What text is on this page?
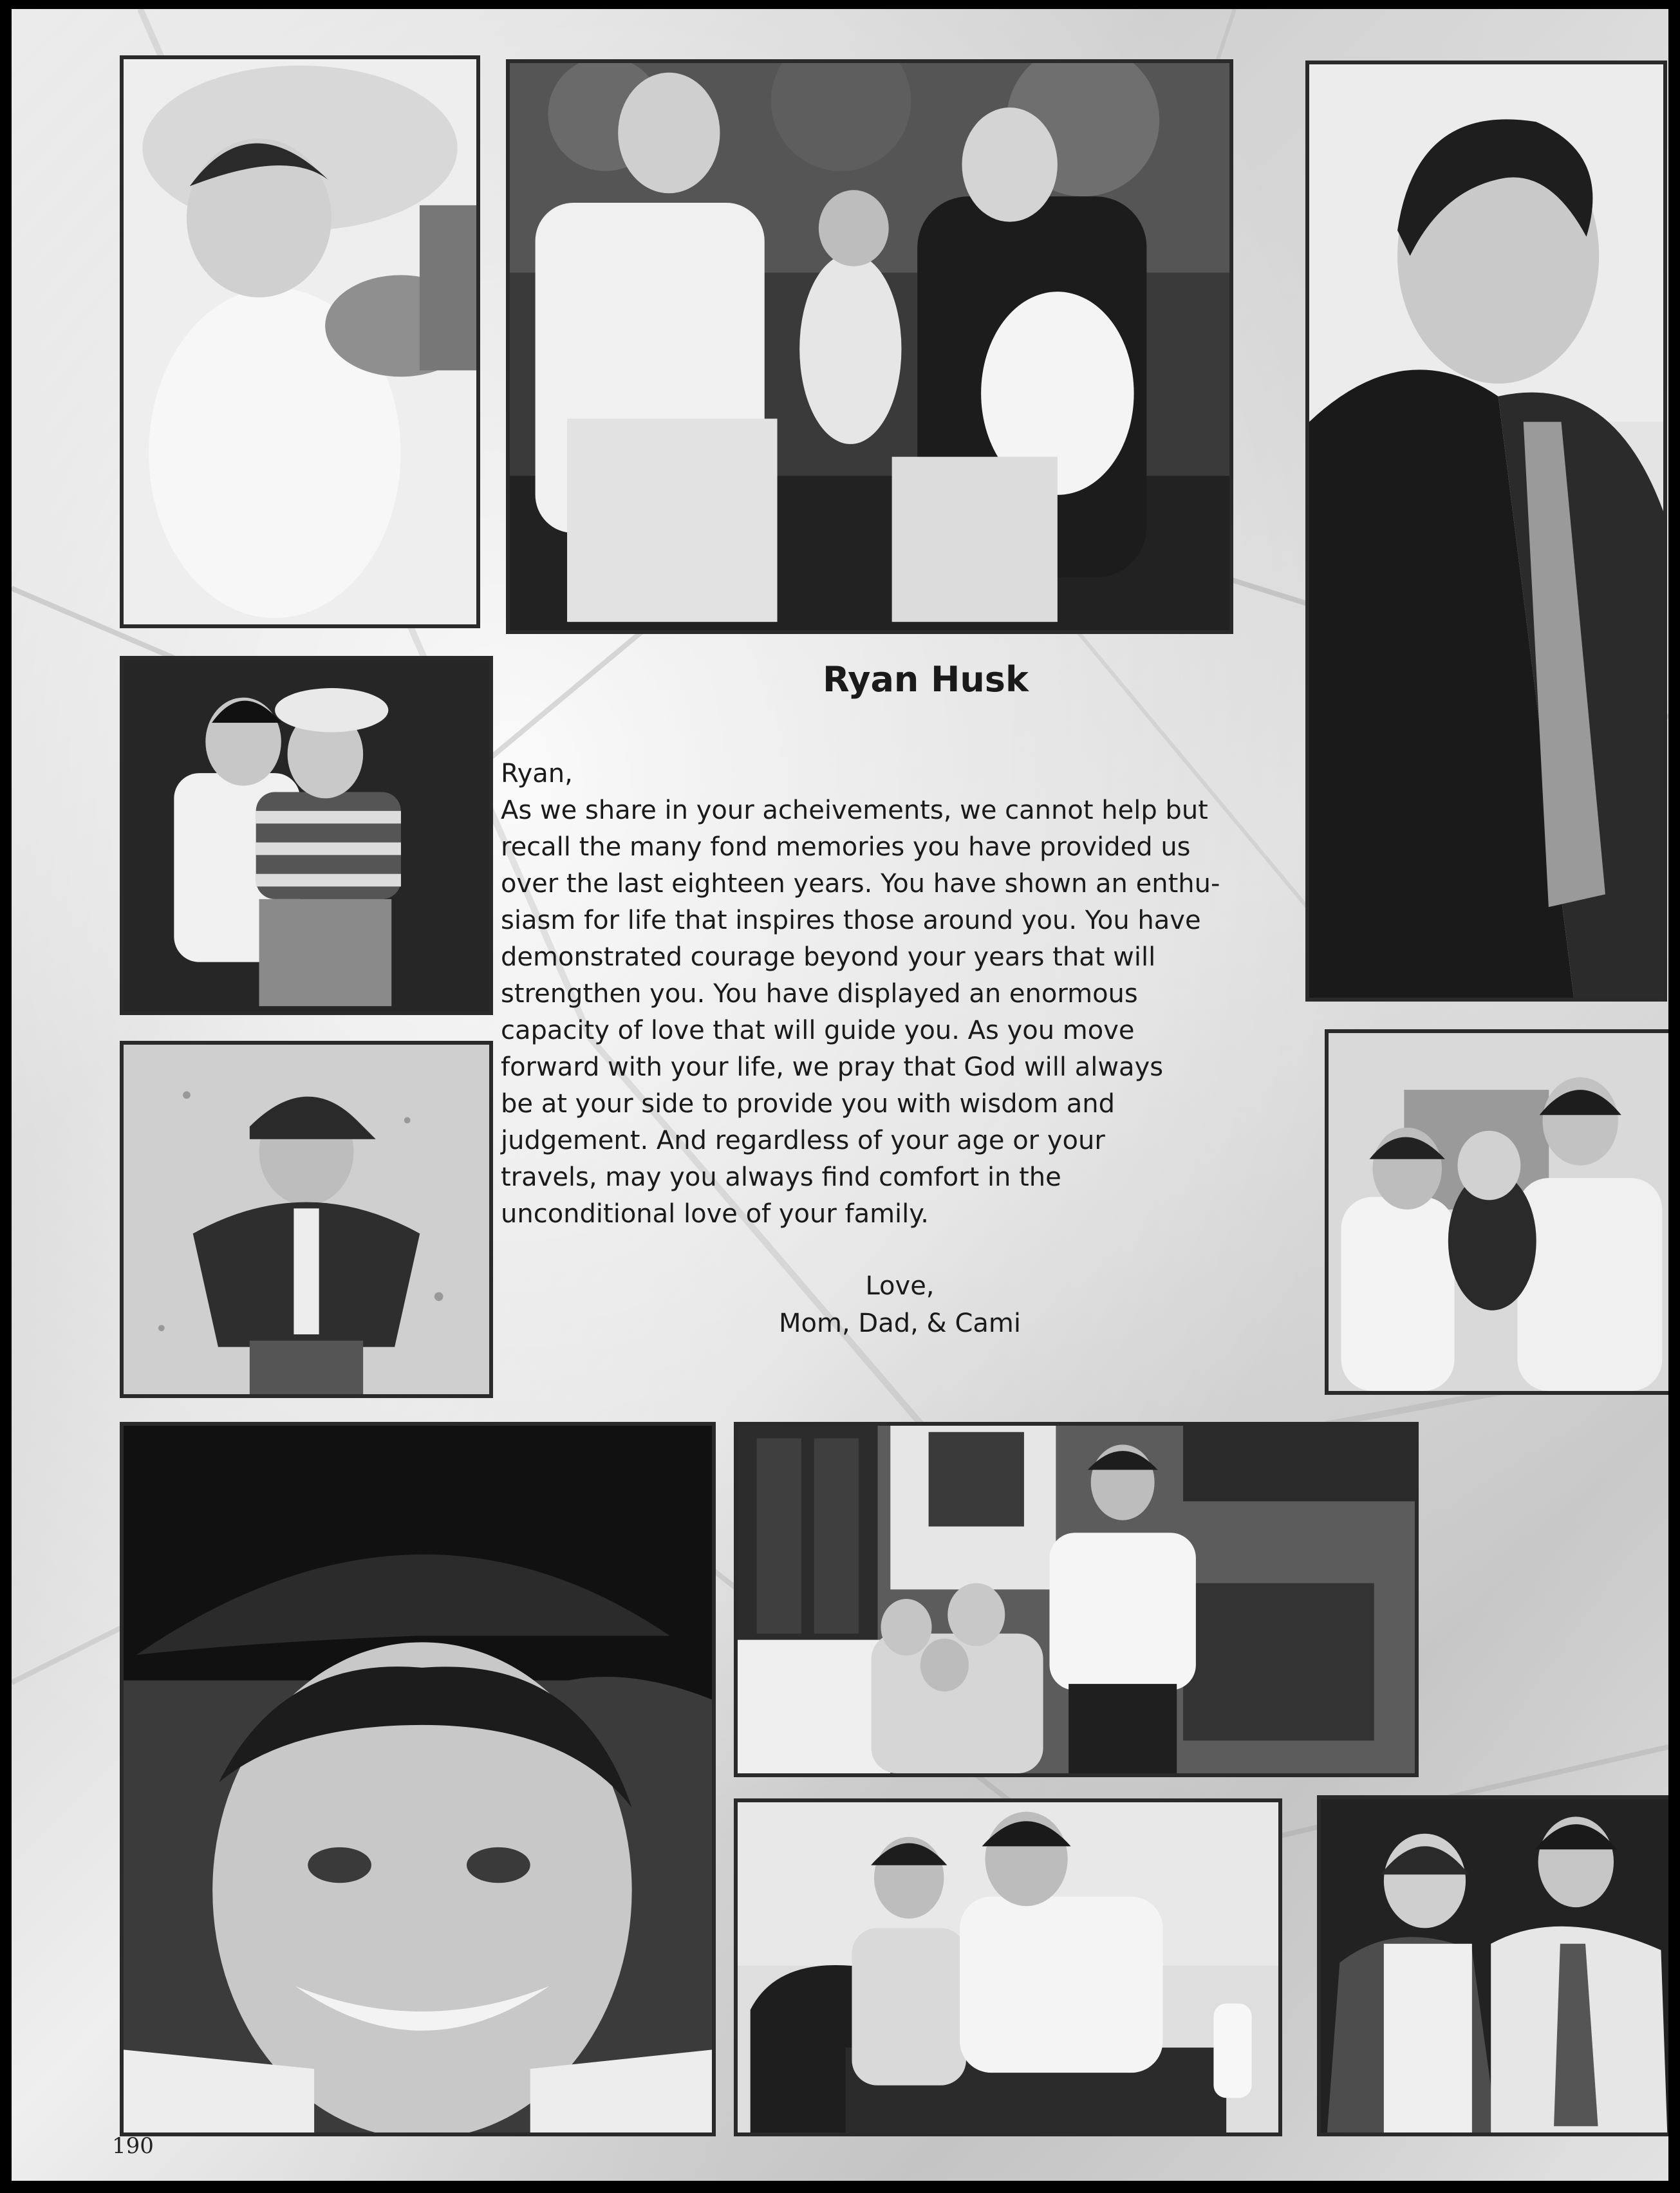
Ryan Husk

Ryan,

As we share in your acheivements, we cannot help but

recall the many fond memories you have provided us

over the last eighteen years. You have shown an enthu-

siasm for life that inspires those around you. You have

demonstrated courage beyond your years that will

strengthen you. You have displayed an enormous

capacity of love that will guide you. As you move

forward with your life, we pray that God will always

be at your side to provide you with wisdom and

judgement. And regardless of your age or your

travels, may you always find comfort in the

unconditional love of your family.

Love,
Mom, Dad, & Cami
190
